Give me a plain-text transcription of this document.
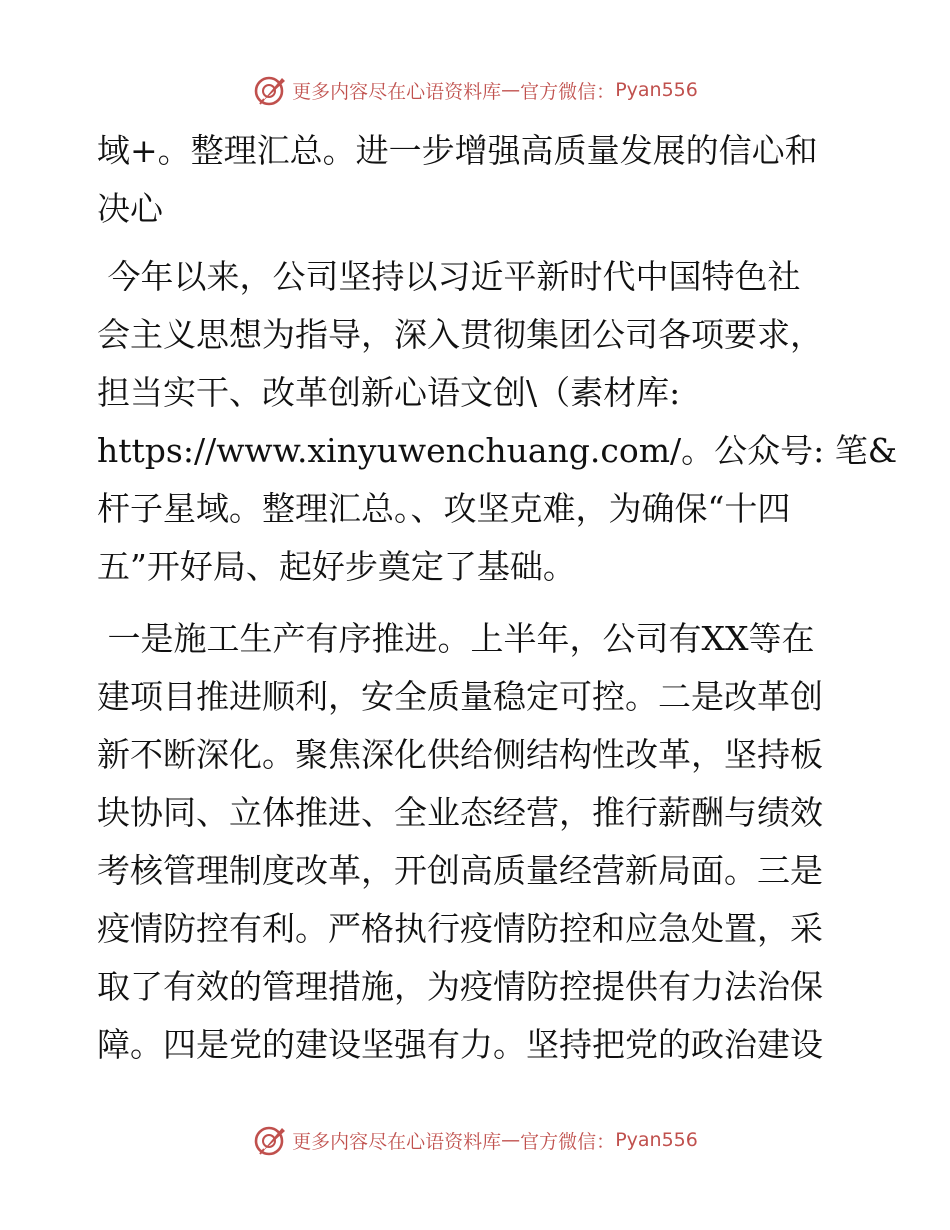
更多内容尽在心语资料库 — 官方微信： Pyan556

域+。整理汇总。进一步增强高质量发展的信心和

决心

今年以来，公司坚持以习近平新时代中国特色社

会主义思想为指导，深入贯彻集团公司各项要求，

担当实干、改革创新心语文创\（素材库:

https://www.xinyuwenchuang.com/。公众号: 笔&

杆子星域。整理汇总。、攻坚克难，为确保“十四

五”开好局、起好步奠定了基础。

一是施工生产有序推进。上半年，公司有XX等在

建项目推进顺利，安全质量稳定可控。二是改革创

新不断深化。聚焦深化供给侧结构性改革，坚持板

块协同、立体推进、全业态经营，推行薪酬与绩效

考核管理制度改革，开创高质量经营新局面。三是

疫情防控有利。严格执行疫情防控和应急处置，采

取了有效的管理措施，为疫情防控提供有力法治保

障。四是党的建设坚强有力。坚持把党的政治建设

更多内容尽在心语资料库 — 官方微信： Pyan556
